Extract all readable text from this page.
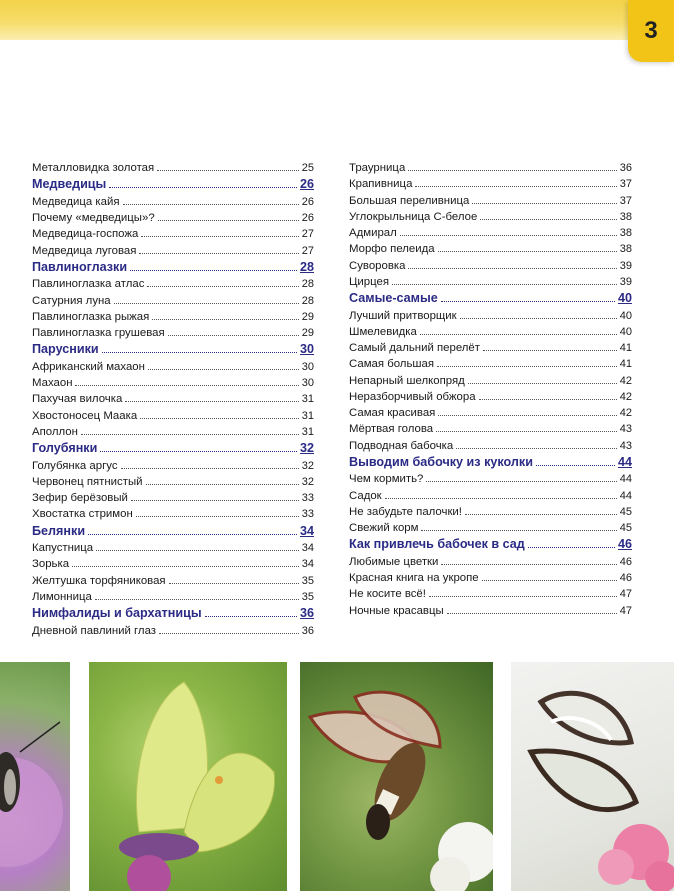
3
Металловидка золотая	25
Медведицы	26
Медведица кайя	26
Почему «медведицы»?	26
Медведица-госпожа	27
Медведица луговая	27
Павлиноглазки	28
Павлиноглазка атлас	28
Сатурния луна	28
Павлиноглазка рыжая	29
Павлиноглазка грушевая	29
Парусники	30
Африканский махаон	30
Махаон	30
Пахучая вилочка	31
Хвостоносец Маака	31
Аполлон	31
Голубянки	32
Голубянка аргус	32
Червонец пятнистый	32
Зефир берёзовый	33
Хвостатка стримон	33
Белянки	34
Капустница	34
Зорька	34
Желтушка торфяниковая	35
Лимонница	35
Нимфалиды и бархатницы	36
Дневной павлиний глаз	36
Траурница	36
Крапивница	37
Большая переливница	37
Углокрыльница С-белое	38
Адмирал	38
Морфо пелеида	38
Суворовка	39
Цирцея	39
Самые-самые	40
Лучший притворщик	40
Шмелевидка	40
Самый дальний перелёт	41
Самая большая	41
Непарный шелкопряд	42
Неразборчивый обжора	42
Самая красивая	42
Мёртвая голова	43
Подводная бабочка	43
Выводим бабочку из куколки	44
Чем кормить?	44
Садок	44
Не забудьте палочки!	45
Свежий корм	45
Как привлечь бабочек в сад	46
Любимые цветки	46
Красная книга на укропе	46
Не косите всё!	47
Ночные красавцы	47
